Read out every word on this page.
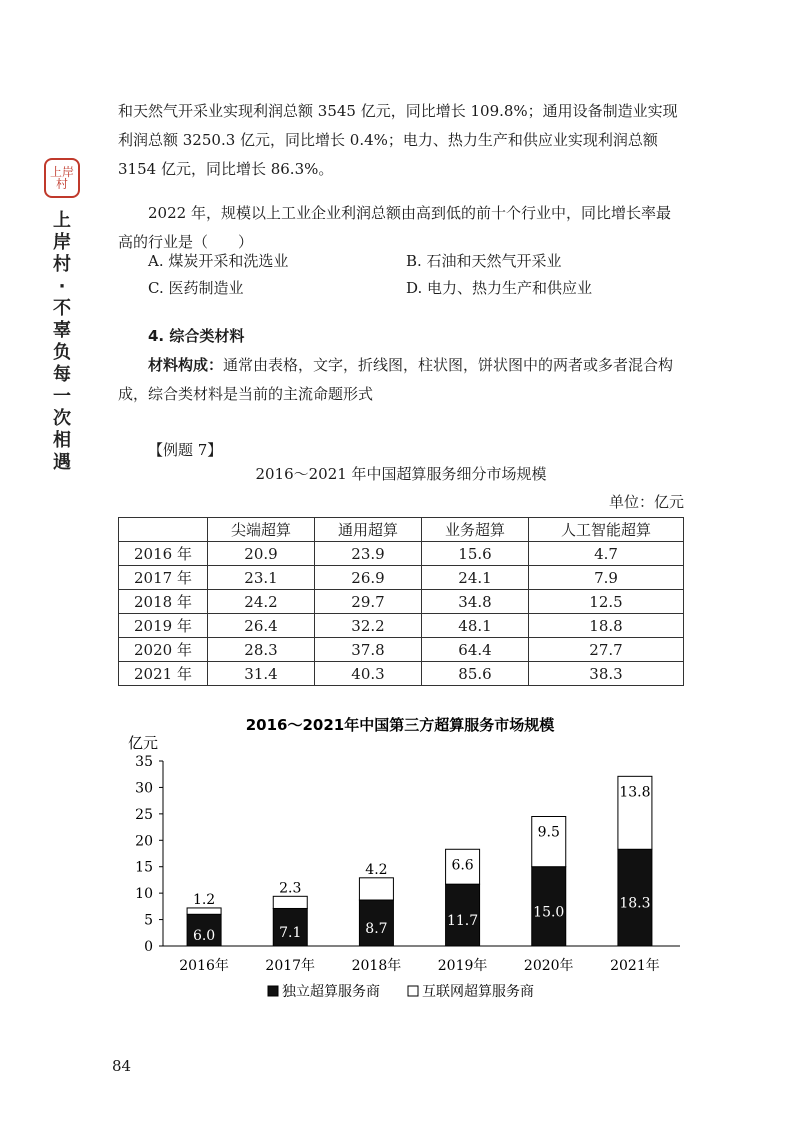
上岸村
上岸村·不辜负每一次相遇

和天然气开采业实现利润总额 3545 亿元，同比增长 109.8%；通用设备制造业实现利润总额 3250.3 亿元，同比增长 0.4%；电力、热力生产和供应业实现利润总额 3154 亿元，同比增长 86.3%。

2022 年，规模以上工业企业利润总额由高到低的前十个行业中，同比增长率最高的行业是（　　）

A. 煤炭开采和洗选业	B. 石油和天然气开采业
C. 医药制造业	D. 电力、热力生产和供应业

4. 综合类材料

材料构成：通常由表格，文字，折线图，柱状图，饼状图中的两者或多者混合构成，综合类材料是当前的主流命题形式

【例题 7】

2016～2021 年中国超算服务细分市场规模
单位：亿元
	尖端超算	通用超算	业务超算	人工智能超算
2016 年	20.9	23.9	15.6	4.7
2017 年	23.1	26.9	24.1	7.9
2018 年	24.2	29.7	34.8	12.5
2019 年	26.4	32.2	48.1	18.8
2020 年	28.3	37.8	64.4	27.7
2021 年	31.4	40.3	85.6	38.3
2016～2021年中国第三方超算服务市场规模
亿元
0
5
10
15
20
25
30
35
2016年	2017年	2018年	2019年	2020年	2021年
6.0
1.2
7.1
2.3
8.7
4.2
11.7
6.6
15.0
9.5
18.3
13.8
独立超算服务商	互联网超算服务商
84
